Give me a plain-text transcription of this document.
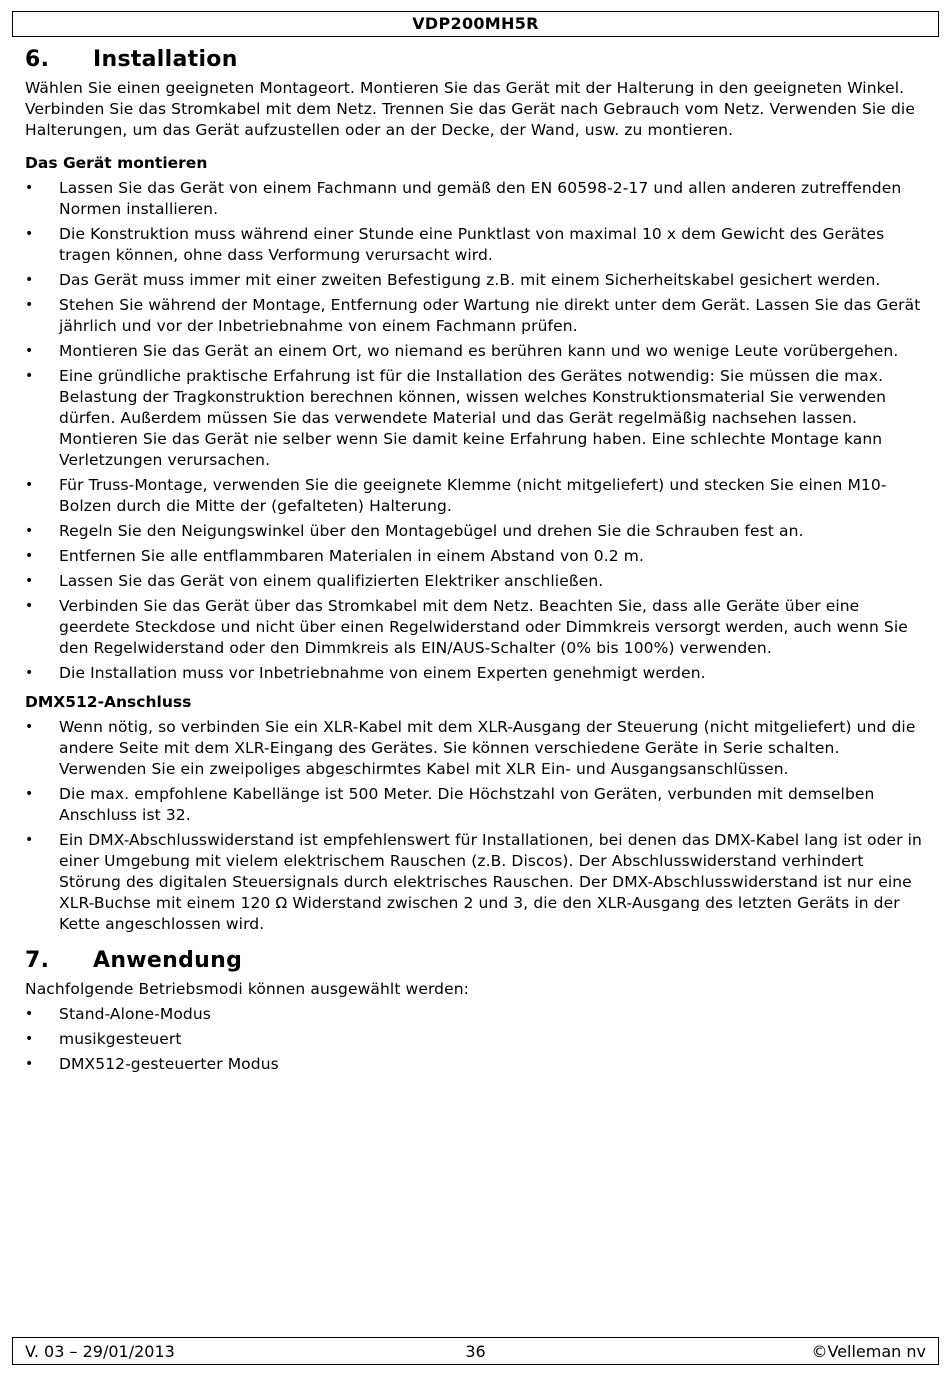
VDP200MH5R
6.	Installation

Wählen Sie einen geeigneten Montageort. Montieren Sie das Gerät mit der Halterung in den geeigneten Winkel. Verbinden Sie das Stromkabel mit dem Netz. Trennen Sie das Gerät nach Gebrauch vom Netz. Verwenden Sie die Halterungen, um das Gerät aufzustellen oder an der Decke, der Wand, usw. zu montieren.

Das Gerät montieren
•	Lassen Sie das Gerät von einem Fachmann und gemäß den EN 60598-2-17 und allen anderen zutreffenden Normen installieren.
•	Die Konstruktion muss während einer Stunde eine Punktlast von maximal 10 x dem Gewicht des Gerätes tragen können, ohne dass Verformung verursacht wird.
•	Das Gerät muss immer mit einer zweiten Befestigung z.B. mit einem Sicherheitskabel gesichert werden.
•	Stehen Sie während der Montage, Entfernung oder Wartung nie direkt unter dem Gerät. Lassen Sie das Gerät jährlich und vor der Inbetriebnahme von einem Fachmann prüfen.
•	Montieren Sie das Gerät an einem Ort, wo niemand es berühren kann und wo wenige Leute vorübergehen.
•	Eine gründliche praktische Erfahrung ist für die Installation des Gerätes notwendig: Sie müssen die max. Belastung der Tragkonstruktion berechnen können, wissen welches Konstruktionsmaterial Sie verwenden dürfen. Außerdem müssen Sie das verwendete Material und das Gerät regelmäßig nachsehen lassen. Montieren Sie das Gerät nie selber wenn Sie damit keine Erfahrung haben. Eine schlechte Montage kann Verletzungen verursachen.
•	Für Truss-Montage, verwenden Sie die geeignete Klemme (nicht mitgeliefert) und stecken Sie einen M10-Bolzen durch die Mitte der (gefalteten) Halterung.
•	Regeln Sie den Neigungswinkel über den Montagebügel und drehen Sie die Schrauben fest an.
•	Entfernen Sie alle entflammbaren Materialen in einem Abstand von 0.2 m.
•	Lassen Sie das Gerät von einem qualifizierten Elektriker anschließen.
•	Verbinden Sie das Gerät über das Stromkabel mit dem Netz. Beachten Sie, dass alle Geräte über eine geerdete Steckdose und nicht über einen Regelwiderstand oder Dimmkreis versorgt werden, auch wenn Sie den Regelwiderstand oder den Dimmkreis als EIN/AUS-Schalter (0% bis 100%) verwenden.
•	Die Installation muss vor Inbetriebnahme von einem Experten genehmigt werden.
DMX512-Anschluss
•	Wenn nötig, so verbinden Sie ein XLR-Kabel mit dem XLR-Ausgang der Steuerung (nicht mitgeliefert) und die andere Seite mit dem XLR-Eingang des Gerätes. Sie können verschiedene Geräte in Serie schalten. Verwenden Sie ein zweipoliges abgeschirmtes Kabel mit XLR Ein- und Ausgangsanschlüssen.
•	Die max. empfohlene Kabellänge ist 500 Meter. Die Höchstzahl von Geräten, verbunden mit demselben Anschluss ist 32.
•	Ein DMX-Abschlusswiderstand ist empfehlenswert für Installationen, bei denen das DMX-Kabel lang ist oder in einer Umgebung mit vielem elektrischem Rauschen (z.B. Discos). Der Abschlusswiderstand verhindert Störung des digitalen Steuersignals durch elektrisches Rauschen. Der DMX-Abschlusswiderstand ist nur eine XLR-Buchse mit einem 120 Ω Widerstand zwischen 2 und 3, die den XLR-Ausgang des letzten Geräts in der Kette angeschlossen wird.
7.	Anwendung

Nachfolgende Betriebsmodi können ausgewählt werden:

•	Stand-Alone-Modus
•	musikgesteuert
•	DMX512-gesteuerter Modus
V. 03 – 29/01/2013	36	©Velleman nv
